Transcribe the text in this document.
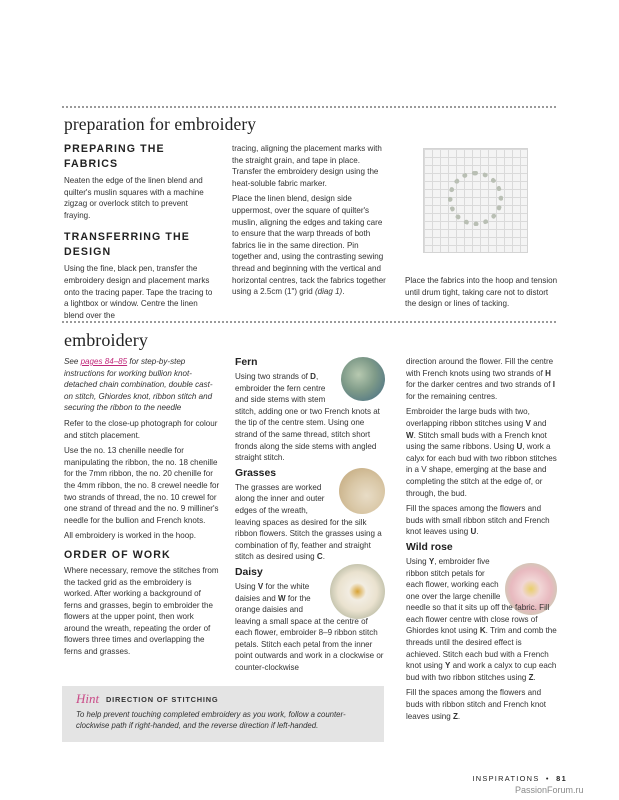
preparation for embroidery
PREPARING THE FABRICS

Neaten the edge of the linen blend and quilter's muslin squares with a machine zigzag or overlock stitch to prevent fraying.

TRANSFERRING THE DESIGN

Using the fine, black pen, transfer the embroidery design and placement marks onto the tracing paper. Tape the tracing to a lightbox or window. Centre the linen blend over the

tracing, aligning the placement marks with the straight grain, and tape in place. Transfer the embroidery design using the heat-soluble fabric marker.

Place the linen blend, design side uppermost, over the square of quilter's muslin, aligning the edges and taking care to ensure that the warp threads of both fabrics lie in the same direction. Pin together and, using the contrasting sewing thread and beginning with the vertical and horizontal centres, tack the fabrics together using a 2.5cm (1") grid (diag 1).

Place the fabrics into the hoop and tension until drum tight, taking care not to distort the design or lines of tacking.

embroidery

See pages 84–85 for step-by-step instructions for working bullion knot-detached chain combination, double cast-on stitch, Ghiordes knot, ribbon stitch and securing the ribbon to the needle

Refer to the close-up photograph for colour and stitch placement.

Use the no. 13 chenille needle for manipulating the ribbon, the no. 18 chenille for the 7mm ribbon, the no. 20 chenille for the 4mm ribbon, the no. 8 crewel needle for two strands of thread, the no. 10 crewel for one strand of thread and the no. 9 milliner's needle for the bullion and French knots.

All embroidery is worked in the hoop.

ORDER OF WORK

Where necessary, remove the stitches from the tacked grid as the embroidery is worked. After working a background of ferns and grasses, begin to embroider the flowers at the upper point, then work around the wreath, repeating the order of flowers three times and overlapping the ferns and grasses.

Fern

Using two strands of D, embroider the fern centre and side stems with stem stitch, adding one or two French knots at the tip of the centre stem. Using one strand of the same thread, stitch short fronds along the side stems with angled straight stitch.

Grasses

The grasses are worked along the inner and outer edges of the wreath, leaving spaces as desired for the silk ribbon flowers. Stitch the grasses using a combination of fly, feather and straight stitch as desired using C.

Daisy

Using V for the white daisies and W for the orange daisies and leaving a small space at the centre of each flower, embroider 8–9 ribbon stitch petals. Stitch each petal from the inner point outwards and work in a clockwise or counter-clockwise

direction around the flower. Fill the centre with French knots using two strands of H for the darker centres and two strands of I for the remaining centres.

Embroider the large buds with two, overlapping ribbon stitches using V and W. Stitch small buds with a French knot using the same ribbons. Using U, work a calyx for each bud with two ribbon stitches in a V shape, emerging at the base and completing the stitch at the edge of, or through, the bud.

Fill the spaces among the flowers and buds with small ribbon stitch and French knot leaves using U.

Wild rose

Using Y, embroider five ribbon stitch petals for each flower, working each one over the large chenille needle so that it sits up off the fabric. Fill each flower centre with close rows of Ghiordes knot using K. Trim and comb the threads until the desired effect is achieved. Stitch each bud with a French knot using Y and work a calyx to cup each bud with two ribbon stitches using Z.

Fill the spaces among the flowers and buds with ribbon stitch and French knot leaves using Z.

Hint DIRECTION OF STITCHING
To help prevent touching completed embroidery as you work, follow a counter-clockwise path if right-handed, and the reverse direction if left-handed.
INSPIRATIONS • 81
PassionForum.ru
